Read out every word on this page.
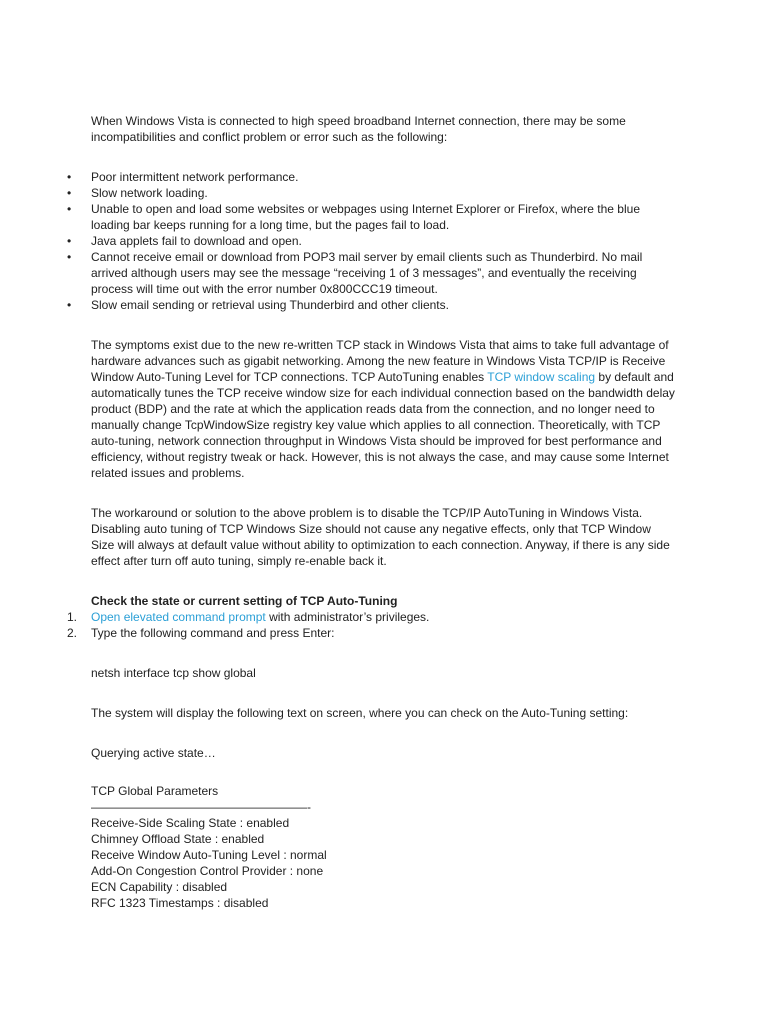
When Windows Vista is connected to high speed broadband Internet connection, there may be some incompatibilities and conflict problem or error such as the following:

• Poor intermittent network performance.
• Slow network loading.
• Unable to open and load some websites or webpages using Internet Explorer or Firefox, where the blue loading bar keeps running for a long time, but the pages fail to load.
• Java applets fail to download and open.
• Cannot receive email or download from POP3 mail server by email clients such as Thunderbird. No mail arrived although users may see the message “receiving 1 of 3 messages”, and eventually the receiving process will time out with the error number 0x800CCC19 timeout.
• Slow email sending or retrieval using Thunderbird and other clients.

The symptoms exist due to the new re-written TCP stack in Windows Vista that aims to take full advantage of hardware advances such as gigabit networking. Among the new feature in Windows Vista TCP/IP is Receive Window Auto-Tuning Level for TCP connections. TCP AutoTuning enables TCP window scaling by default and automatically tunes the TCP receive window size for each individual connection based on the bandwidth delay product (BDP) and the rate at which the application reads data from the connection, and no longer need to manually change TcpWindowSize registry key value which applies to all connection. Theoretically, with TCP auto-tuning, network connection throughput in Windows Vista should be improved for best performance and efficiency, without registry tweak or hack. However, this is not always the case, and may cause some Internet related issues and problems.

The workaround or solution to the above problem is to disable the TCP/IP AutoTuning in Windows Vista. Disabling auto tuning of TCP Windows Size should not cause any negative effects, only that TCP Window Size will always at default value without ability to optimization to each connection. Anyway, if there is any side effect after turn off auto tuning, simply re-enable back it.

Check the state or current setting of TCP Auto-Tuning

1. Open elevated command prompt with administrator’s privileges.
2. Type the following command and press Enter:

netsh interface tcp show global

The system will display the following text on screen, where you can check on the Auto-Tuning setting:

Querying active state…

TCP Global Parameters

——————————————————-

Receive-Side Scaling State : enabled

Chimney Offload State : enabled

Receive Window Auto-Tuning Level : normal

Add-On Congestion Control Provider : none

ECN Capability : disabled

RFC 1323 Timestamps : disabled
